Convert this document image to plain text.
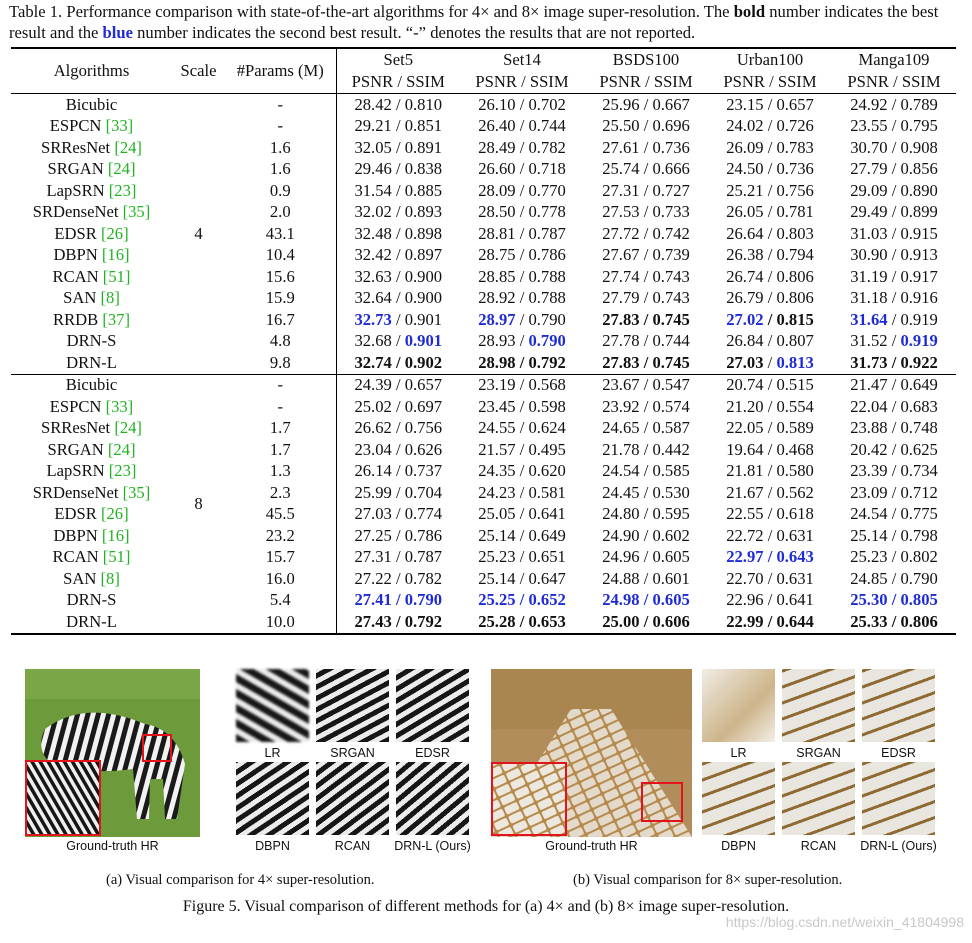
Table 1. Performance comparison with state-of-the-art algorithms for 4× and 8× image super-resolution. The bold number indicates the best result and the blue number indicates the second best result. “-” denotes the results that are not reported.
Algorithms	Scale	#Params (M)	Set5	Set14	BSDS100	Urban100	Manga109
			PSNR / SSIM	PSNR / SSIM	PSNR / SSIM	PSNR / SSIM	PSNR / SSIM
Bicubic	4	-	28.42 / 0.810	26.10 / 0.702	25.96 / 0.667	23.15 / 0.657	24.92 / 0.789
ESPCN [33]		-	29.21 / 0.851	26.40 / 0.744	25.50 / 0.696	24.02 / 0.726	23.55 / 0.795
SRResNet [24]		1.6	32.05 / 0.891	28.49 / 0.782	27.61 / 0.736	26.09 / 0.783	30.70 / 0.908
SRGAN [24]		1.6	29.46 / 0.838	26.60 / 0.718	25.74 / 0.666	24.50 / 0.736	27.79 / 0.856
LapSRN [23]		0.9	31.54 / 0.885	28.09 / 0.770	27.31 / 0.727	25.21 / 0.756	29.09 / 0.890
SRDenseNet [35]		2.0	32.02 / 0.893	28.50 / 0.778	27.53 / 0.733	26.05 / 0.781	29.49 / 0.899
EDSR [26]		43.1	32.48 / 0.898	28.81 / 0.787	27.72 / 0.742	26.64 / 0.803	31.03 / 0.915
DBPN [16]		10.4	32.42 / 0.897	28.75 / 0.786	27.67 / 0.739	26.38 / 0.794	30.90 / 0.913
RCAN [51]		15.6	32.63 / 0.900	28.85 / 0.788	27.74 / 0.743	26.74 / 0.806	31.19 / 0.917
SAN [8]		15.9	32.64 / 0.900	28.92 / 0.788	27.79 / 0.743	26.79 / 0.806	31.18 / 0.916
RRDB [37]		16.7	32.73 / 0.901	28.97 / 0.790	27.83 / 0.745	27.02 / 0.815	31.64 / 0.919
DRN-S		4.8	32.68 / 0.901	28.93 / 0.790	27.78 / 0.744	26.84 / 0.807	31.52 / 0.919
DRN-L		9.8	32.74 / 0.902	28.98 / 0.792	27.83 / 0.745	27.03 / 0.813	31.73 / 0.922
Bicubic	8	-	24.39 / 0.657	23.19 / 0.568	23.67 / 0.547	20.74 / 0.515	21.47 / 0.649
ESPCN [33]		-	25.02 / 0.697	23.45 / 0.598	23.92 / 0.574	21.20 / 0.554	22.04 / 0.683
SRResNet [24]		1.7	26.62 / 0.756	24.55 / 0.624	24.65 / 0.587	22.05 / 0.589	23.88 / 0.748
SRGAN [24]		1.7	23.04 / 0.626	21.57 / 0.495	21.78 / 0.442	19.64 / 0.468	20.42 / 0.625
LapSRN [23]		1.3	26.14 / 0.737	24.35 / 0.620	24.54 / 0.585	21.81 / 0.580	23.39 / 0.734
SRDenseNet [35]		2.3	25.99 / 0.704	24.23 / 0.581	24.45 / 0.530	21.67 / 0.562	23.09 / 0.712
EDSR [26]		45.5	27.03 / 0.774	25.05 / 0.641	24.80 / 0.595	22.55 / 0.618	24.54 / 0.775
DBPN [16]		23.2	27.25 / 0.786	25.14 / 0.649	24.90 / 0.602	22.72 / 0.631	25.14 / 0.798
RCAN [51]		15.7	27.31 / 0.787	25.23 / 0.651	24.96 / 0.605	22.97 / 0.643	25.23 / 0.802
SAN [8]		16.0	27.22 / 0.782	25.14 / 0.647	24.88 / 0.601	22.70 / 0.631	24.85 / 0.790
DRN-S		5.4	27.41 / 0.790	25.25 / 0.652	24.98 / 0.605	22.96 / 0.641	25.30 / 0.805
DRN-L		10.0	27.43 / 0.792	25.28 / 0.653	25.00 / 0.606	22.99 / 0.644	25.33 / 0.806
Ground-truth HR
LR	SRGAN	EDSR
DBPN	RCAN	DRN-L (Ours)	Ground-truth HR
LR	SRGAN	EDSR
DBPN	RCAN	DRN-L (Ours)
(a) Visual comparison for 4× super-resolution.	(b) Visual comparison for 8× super-resolution.
Figure 5. Visual comparison of different methods for (a) 4× and (b) 8× image super-resolution.
https://blog.csdn.net/weixin_41804998
